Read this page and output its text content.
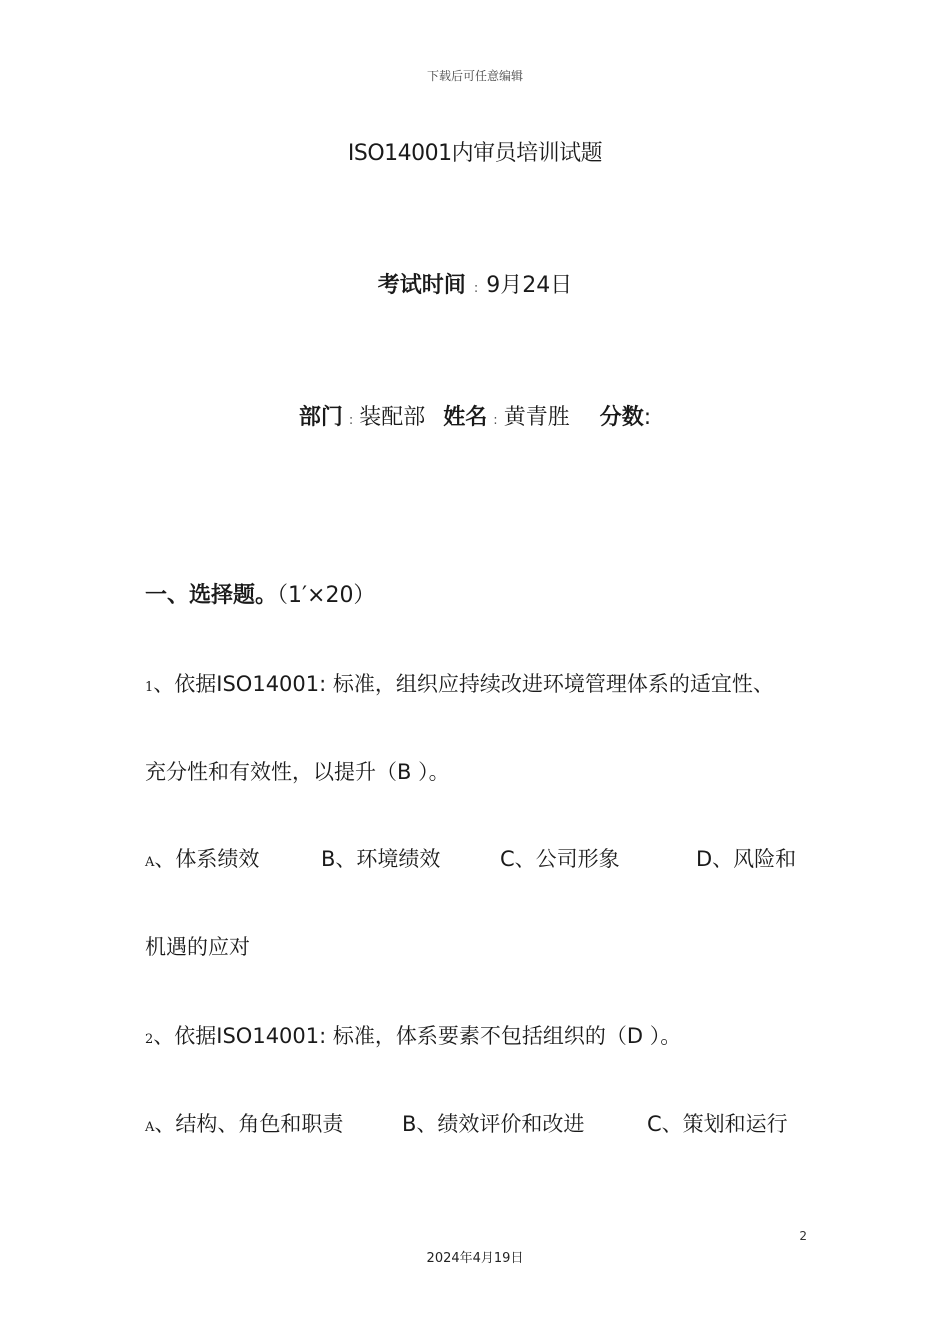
下载后可任意编辑
ISO14001内审员培训试题
考试时间 : 9月24日
部门 : 装配部 姓名 : 黄青胜 分数:
一、选择题。（1′×20）
1、依据ISO14001: 标准，组织应持续改进环境管理体系的适宜性、
充分性和有效性，以提升（B ）。
A、体系绩效	B、环境绩效	C、公司形象	D、风险和
机遇的应对
2、依据ISO14001: 标准，体系要素不包括组织的（D ）。
A、结构、角色和职责	B、绩效评价和改进	C、策划和运行
2
2024年4月19日
